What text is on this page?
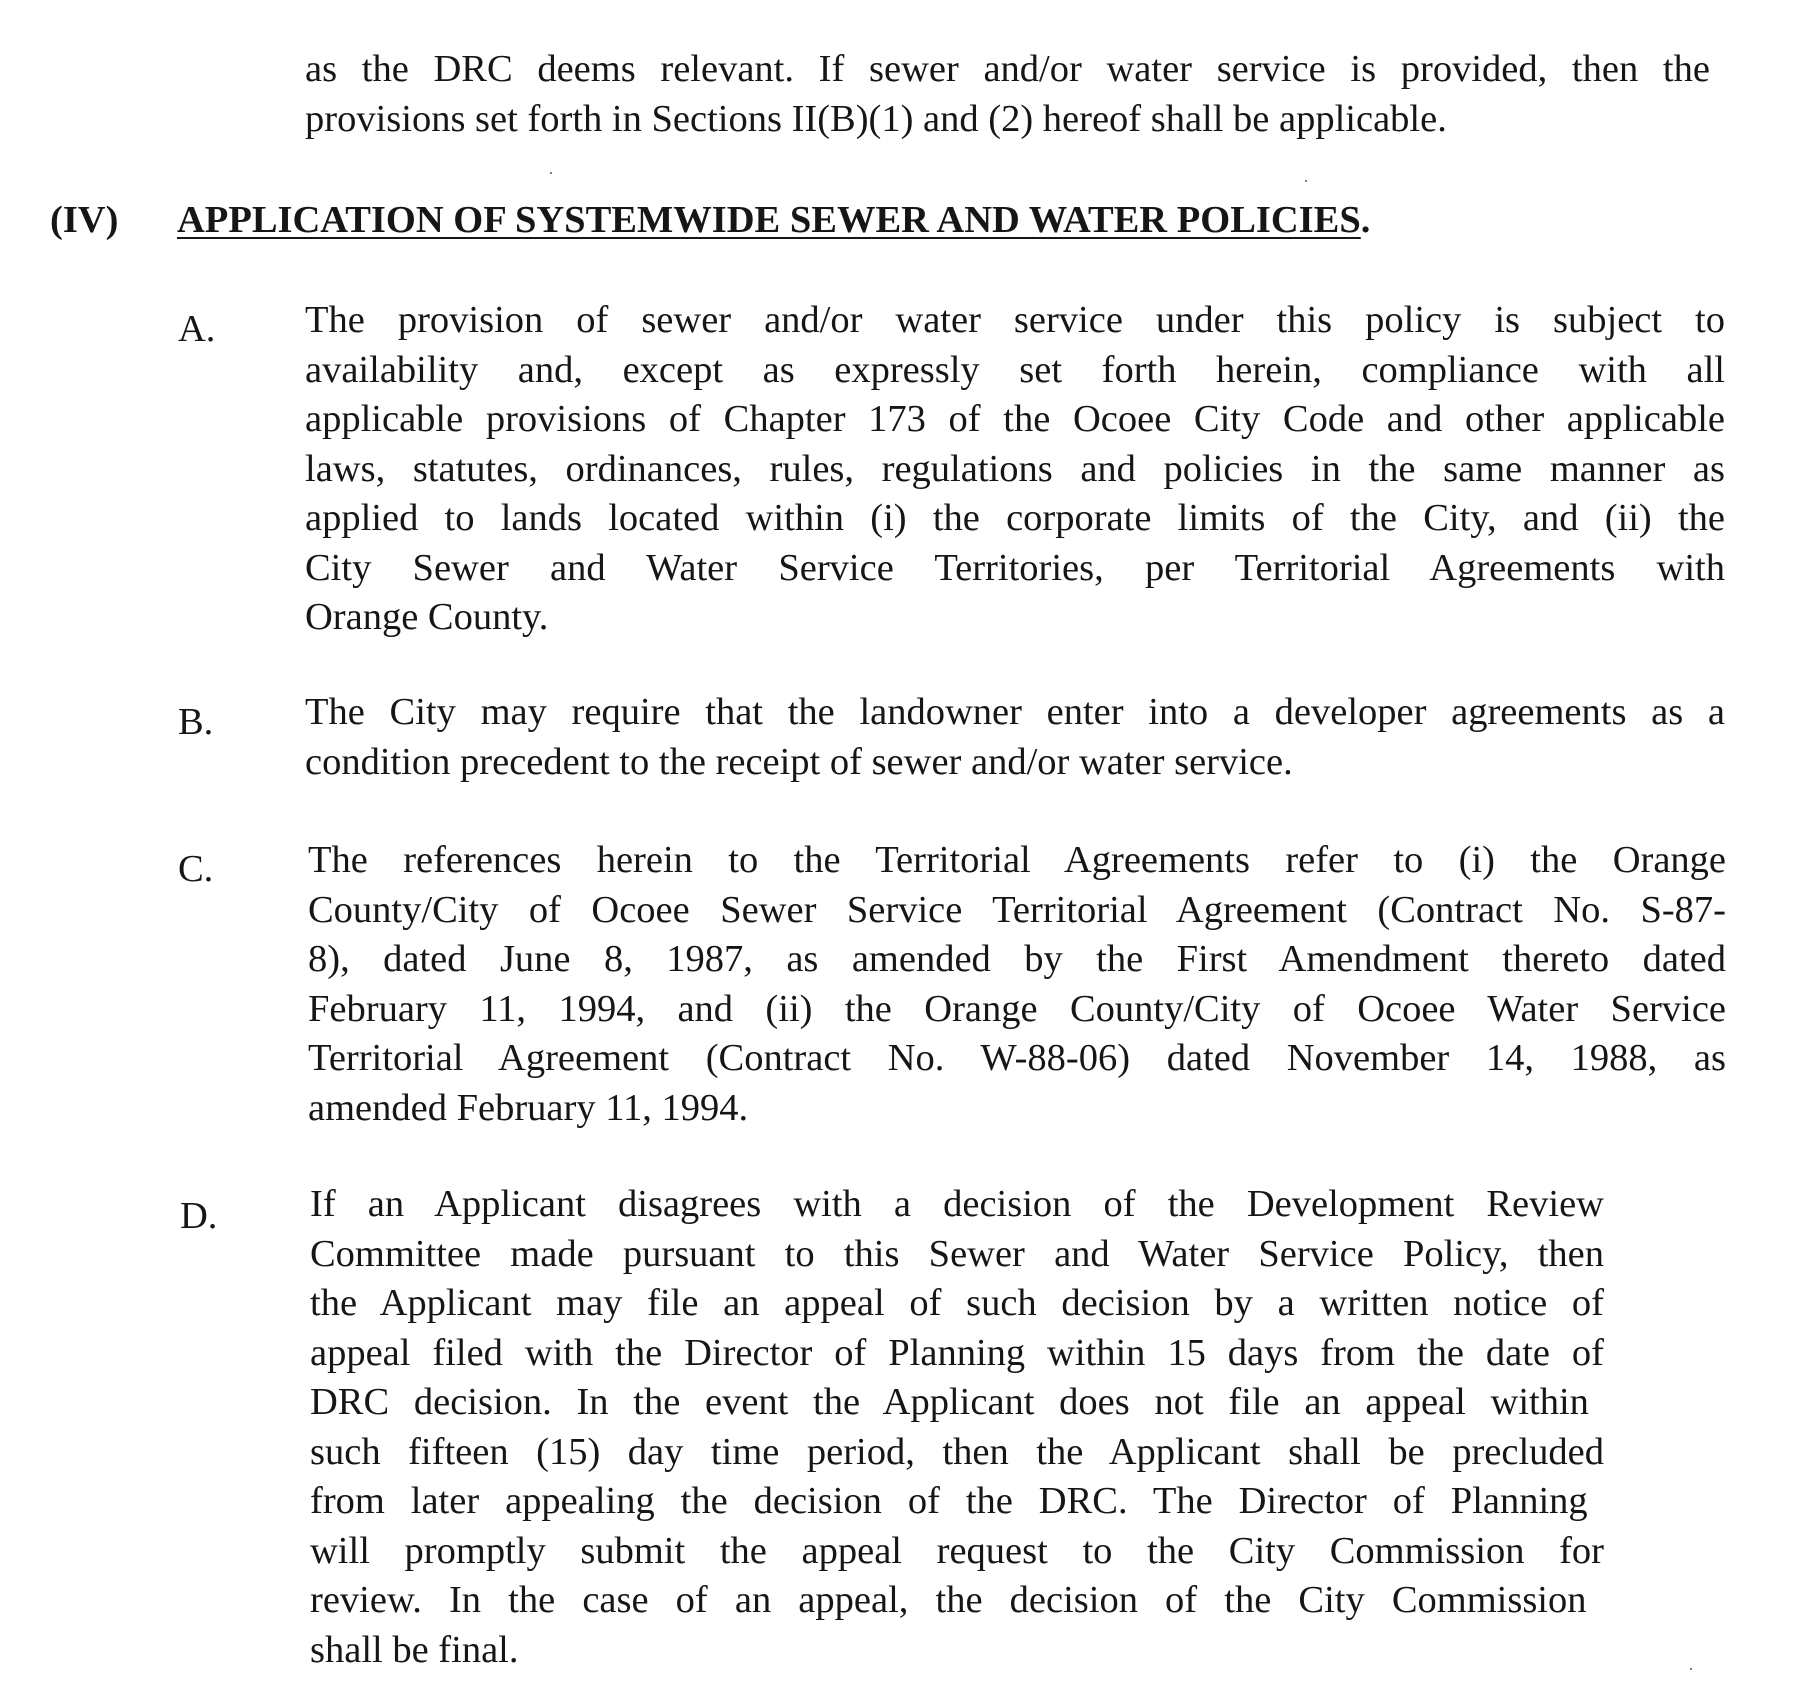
as the DRC deems relevant. If sewer and/or water service is provided, then the
provisions set forth in Sections II(B)(1) and (2) hereof shall be applicable.
(IV) APPLICATION OF SYSTEMWIDE SEWER AND WATER POLICIES.
A. The provision of sewer and/or water service under this policy is subject to
availability and, except as expressly set forth herein, compliance with all
applicable provisions of Chapter 173 of the Ocoee City Code and other applicable
laws, statutes, ordinances, rules, regulations and policies in the same manner as
applied to lands located within (i) the corporate limits of the City, and (ii) the
City Sewer and Water Service Territories, per Territorial Agreements with
Orange County.
B. The City may require that the landowner enter into a developer agreements as a
condition precedent to the receipt of sewer and/or water service.
C. The references herein to the Territorial Agreements refer to (i) the Orange
County/City of Ocoee Sewer Service Territorial Agreement (Contract No. S-87-
8), dated June 8, 1987, as amended by the First Amendment thereto dated
February 11, 1994, and (ii) the Orange County/City of Ocoee Water Service
Territorial Agreement (Contract No. W-88-06) dated November 14, 1988, as
amended February 11, 1994.
D. If an Applicant disagrees with a decision of the Development Review
Committee made pursuant to this Sewer and Water Service Policy, then
the Applicant may file an appeal of such decision by a written notice of
appeal filed with the Director of Planning within 15 days from the date of
DRC decision. In the event the Applicant does not file an appeal within
such fifteen (15) day time period, then the Applicant shall be precluded
from later appealing the decision of the DRC. The Director of Planning
will promptly submit the appeal request to the City Commission for
review. In the case of an appeal, the decision of the City Commission
shall be final.
